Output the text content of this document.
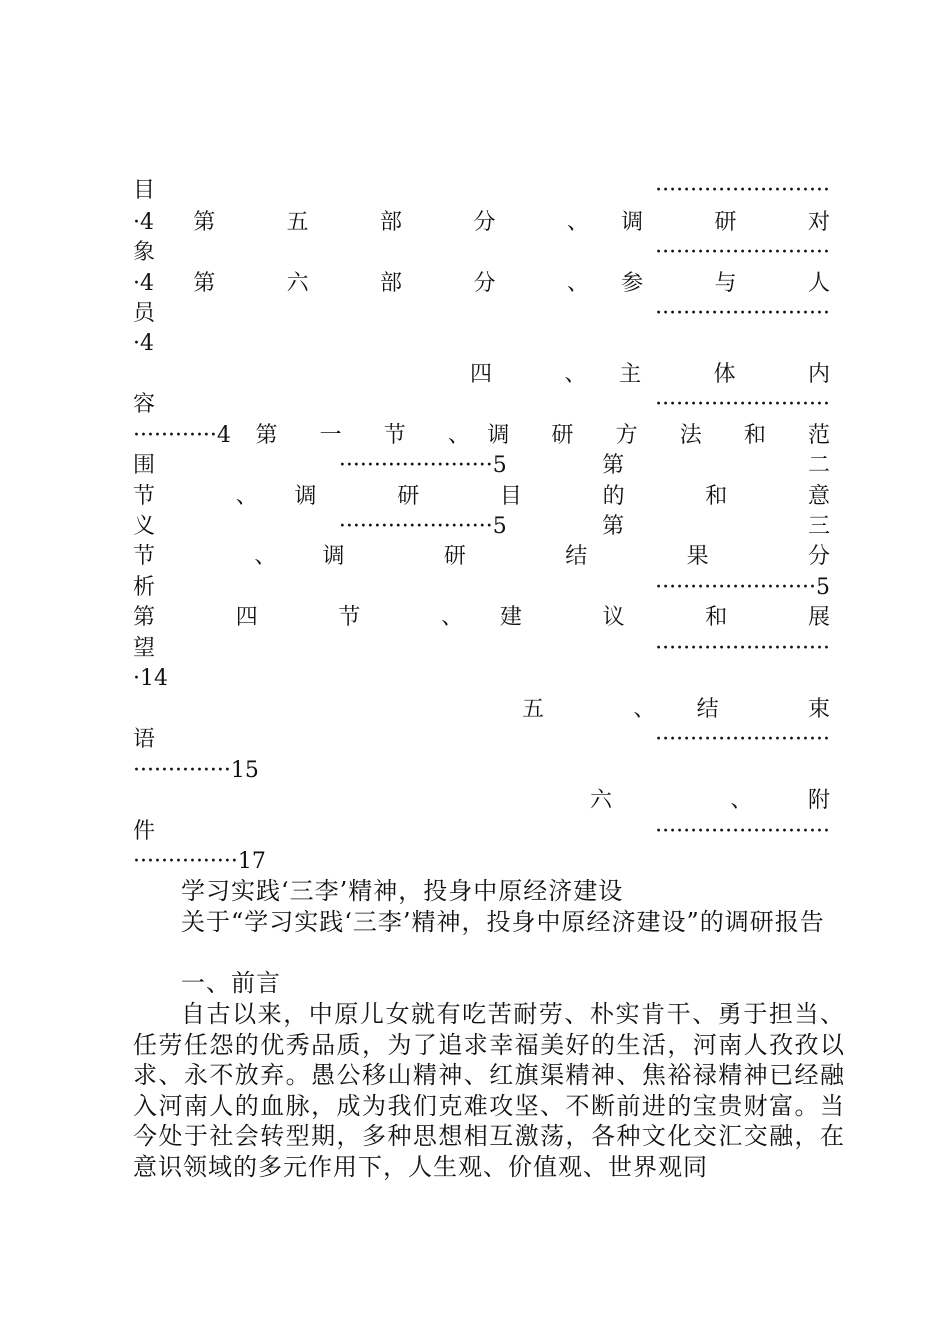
目 ·························
·4 第 五 部 分 、调 研 对
象 ·························
·4 第 六 部 分 、参 与 人
员 ·························
·4
四 、主 体 内
容 ·························
············4 第 一 节 、调 研 方 法 和 范
围 ······················5 第 二
节 、调 研 目 的 和 意
义 ······················5 第 三
节 、调 研 结 果 分
析 ·······················5
第 四 节 、建 议 和 展
望 ·························
·14
五 、结 束
语 ·························
··············15
六 、附
件 ·························
···············17
学习实践‘三李’精神，投身中原经济建设
关于“学习实践‘三李’精神，投身中原经济建设”的调研报告
一、前言
自古以来，中原儿女就有吃苦耐劳、朴实肯干、勇于担当、任劳任怨的优秀品质，为了追求幸福美好的生活，河南人孜孜以求、永不放弃。愚公移山精神、红旗渠精神、焦裕禄精神已经融入河南人的血脉，成为我们克难攻坚、不断前进的宝贵财富。当今处于社会转型期，多种思想相互激荡，各种文化交汇交融，在意识领域的多元作用下，人生观、价值观、世界观同
